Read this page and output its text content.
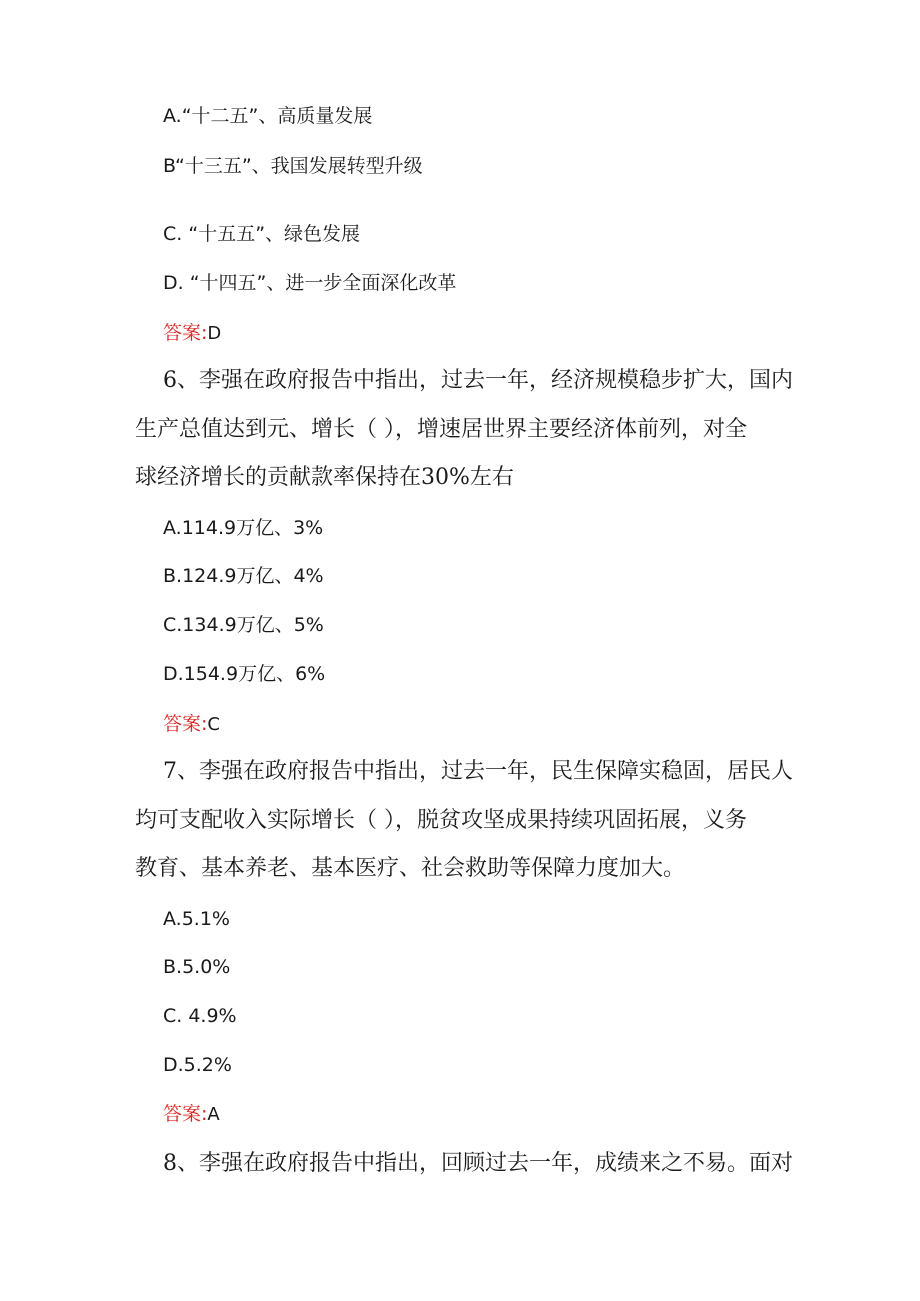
A.“十二五”、高质量发展
B“十三五”、我国发展转型升级
C. “十五五”、绿色发展
D. “十四五”、进一步全面深化改革
答案:D
6、李强在政府报告中指出，过去一年，经济规模稳步扩大，国内
生产总值达到元、增长（ ），增速居世界主要经济体前列，对全
球经济增长的贡献款率保持在30%左右
A.114.9万亿、3%
B.124.9万亿、4%
C.134.9万亿、5%
D.154.9万亿、6%
答案:C
7、李强在政府报告中指出，过去一年，民生保障实稳固，居民人
均可支配收入实际增长（ ），脱贫攻坚成果持续巩固拓展，义务
教育、基本养老、基本医疗、社会救助等保障力度加大。
A.5.1%
B.5.0%
C. 4.9%
D.5.2%
答案:A
8、李强在政府报告中指出，回顾过去一年，成绩来之不易。面对
